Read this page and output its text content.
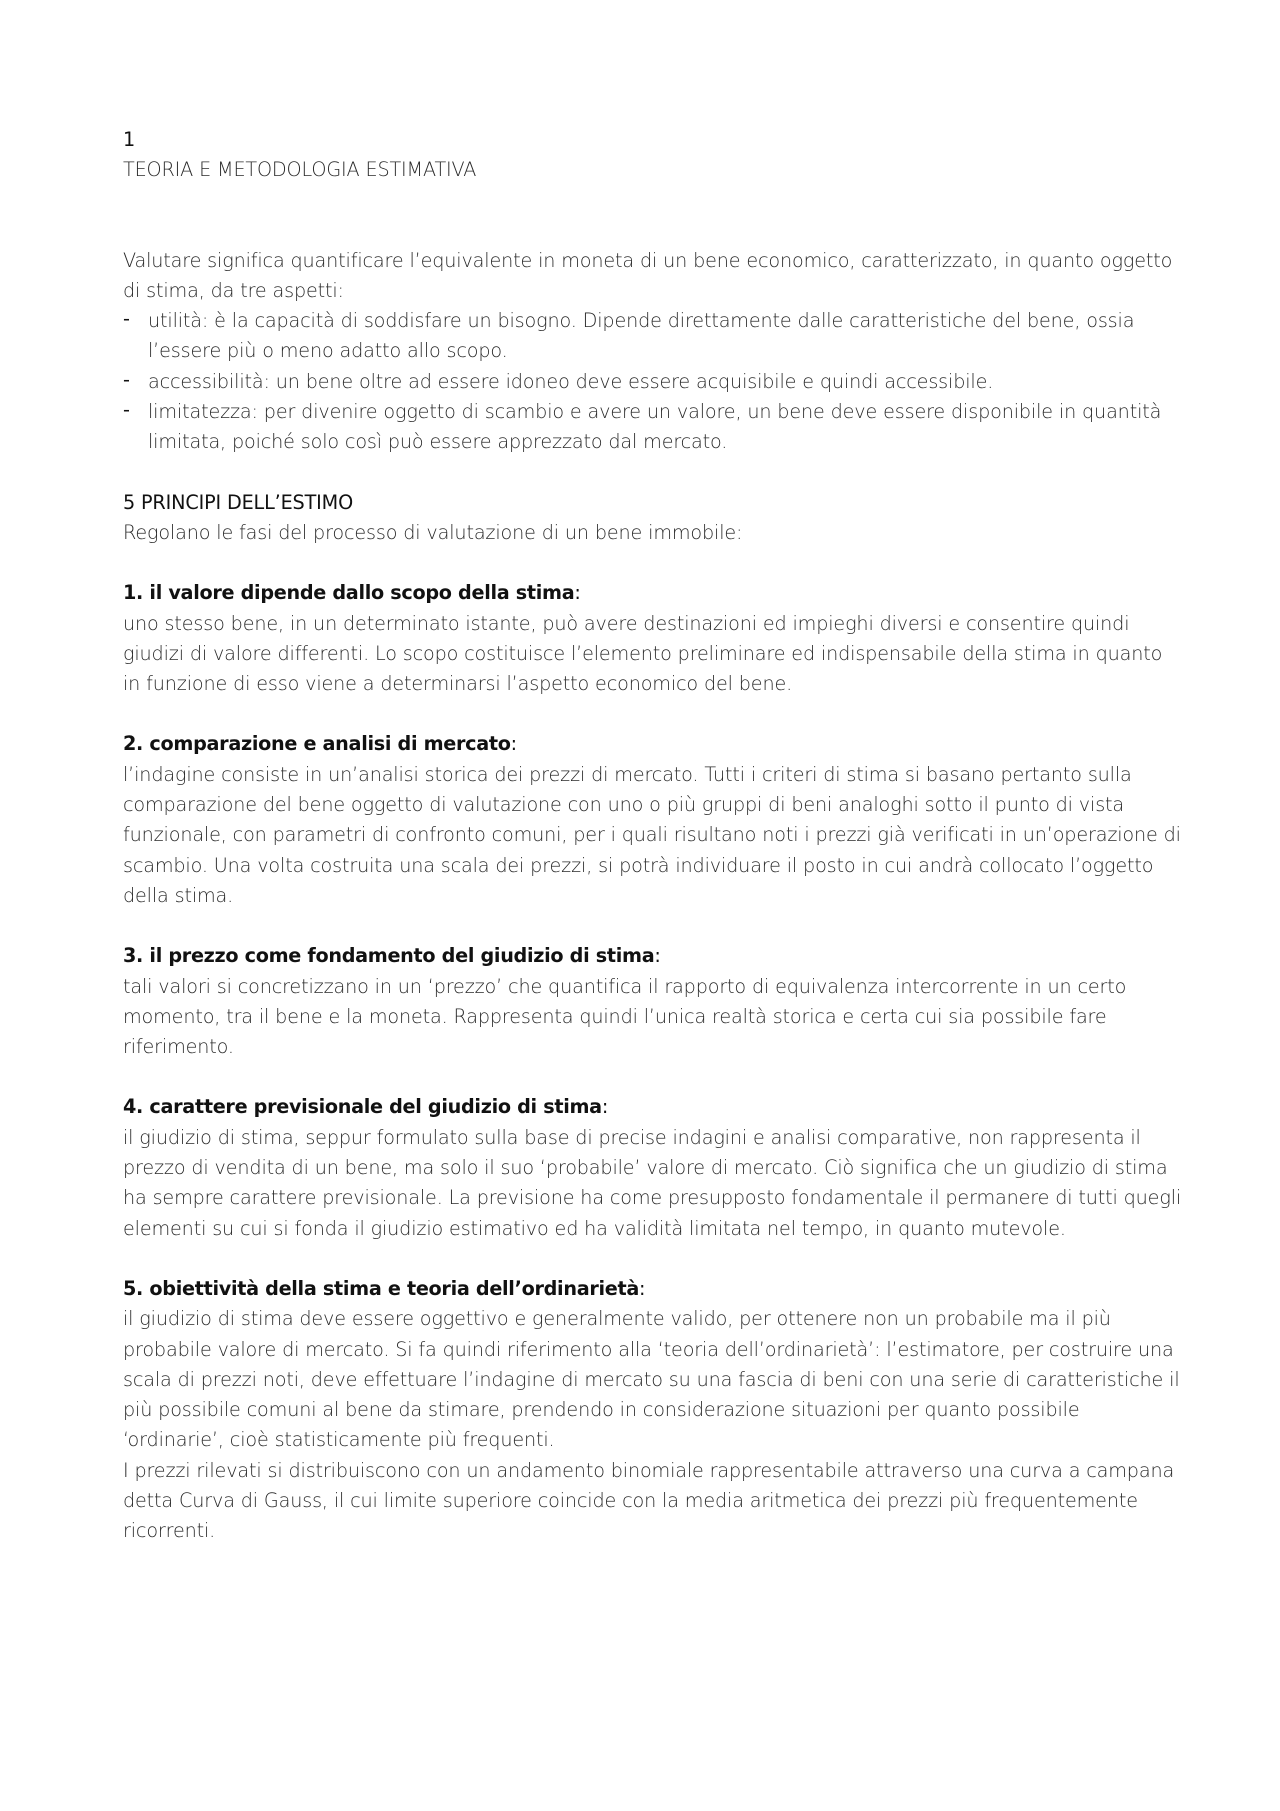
1

TEORIA E METODOLOGIA ESTIMATIVA

Valutare significa quantificare l’equivalente in moneta di un bene economico, caratterizzato, in quanto oggetto di stima, da tre aspetti:

- utilità: è la capacità di soddisfare un bisogno. Dipende direttamente dalle caratteristiche del bene, ossia l’essere più o meno adatto allo scopo.
- accessibilità: un bene oltre ad essere idoneo deve essere acquisibile e quindi accessibile.
- limitatezza: per divenire oggetto di scambio e avere un valore, un bene deve essere disponibile in quantità limitata, poiché solo così può essere apprezzato dal mercato.

5 PRINCIPI DELL’ESTIMO

Regolano le fasi del processo di valutazione di un bene immobile:

1. il valore dipende dallo scopo della stima:

uno stesso bene, in un determinato istante, può avere destinazioni ed impieghi diversi e consentire quindi giudizi di valore differenti. Lo scopo costituisce l’elemento preliminare ed indispensabile della stima in quanto in funzione di esso viene a determinarsi l’aspetto economico del bene.

2. comparazione e analisi di mercato:

l’indagine consiste in un’analisi storica dei prezzi di mercato. Tutti i criteri di stima si basano pertanto sulla comparazione del bene oggetto di valutazione con uno o più gruppi di beni analoghi sotto il punto di vista funzionale, con parametri di confronto comuni, per i quali risultano noti i prezzi già verificati in un’operazione di scambio. Una volta costruita una scala dei prezzi, si potrà individuare il posto in cui andrà collocato l’oggetto della stima.

3. il prezzo come fondamento del giudizio di stima:

tali valori si concretizzano in un ‘prezzo’ che quantifica il rapporto di equivalenza intercorrente in un certo momento, tra il bene e la moneta. Rappresenta quindi l’unica realtà storica e certa cui sia possibile fare riferimento.

4. carattere previsionale del giudizio di stima:

il giudizio di stima, seppur formulato sulla base di precise indagini e analisi comparative, non rappresenta il prezzo di vendita di un bene, ma solo il suo ‘probabile’ valore di mercato. Ciò significa che un giudizio di stima ha sempre carattere previsionale. La previsione ha come presupposto fondamentale il permanere di tutti quegli elementi su cui si fonda il giudizio estimativo ed ha validità limitata nel tempo, in quanto mutevole.

5. obiettività della stima e teoria dell’ordinarietà:

il giudizio di stima deve essere oggettivo e generalmente valido, per ottenere non un probabile ma il più probabile valore di mercato. Si fa quindi riferimento alla ‘teoria dell’ordinarietà’: l’estimatore, per costruire una scala di prezzi noti, deve effettuare l’indagine di mercato su una fascia di beni con una serie di caratteristiche il più possibile comuni al bene da stimare, prendendo in considerazione situazioni per quanto possibile ‘ordinarie’, cioè statisticamente più frequenti.

I prezzi rilevati si distribuiscono con un andamento binomiale rappresentabile attraverso una curva a campana detta Curva di Gauss, il cui limite superiore coincide con la media aritmetica dei prezzi più frequentemente ricorrenti.
